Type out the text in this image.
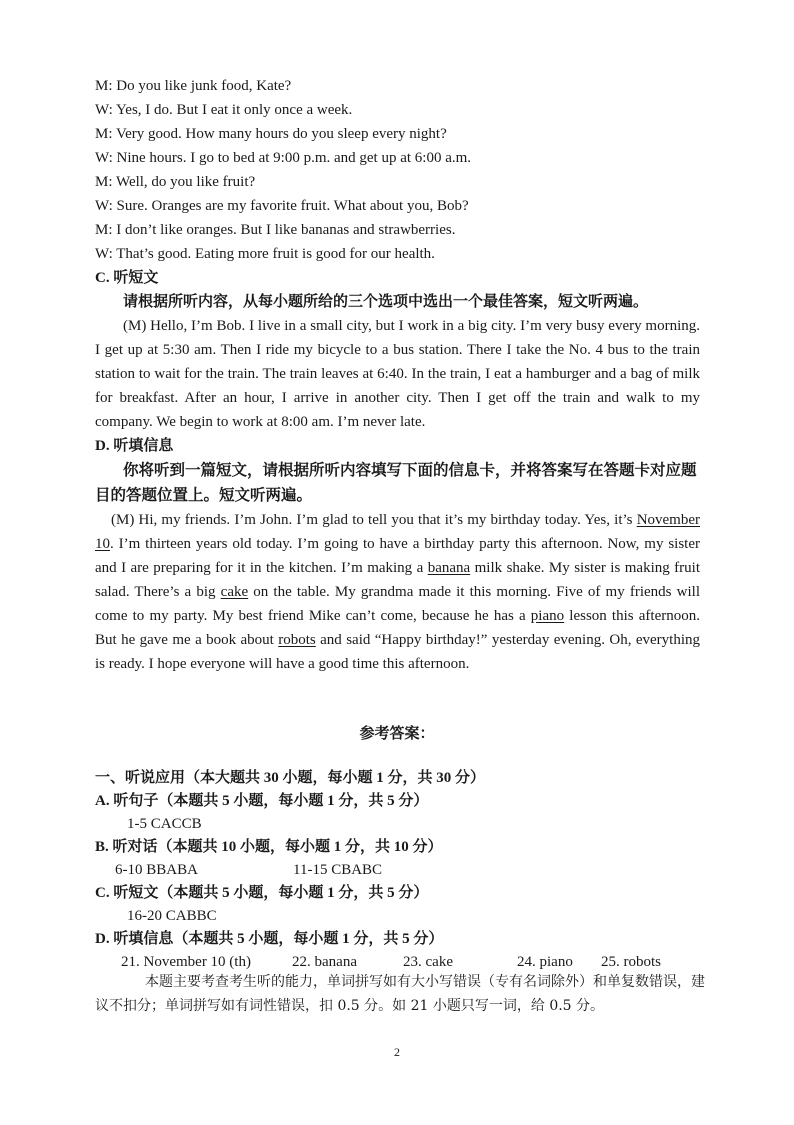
M: Do you like junk food, Kate?
W: Yes, I do. But I eat it only once a week.
M: Very good. How many hours do you sleep every night?
W: Nine hours. I go to bed at 9:00 p.m. and get up at 6:00 a.m.
M: Well, do you like fruit?
W: Sure. Oranges are my favorite fruit. What about you, Bob?
M: I don’t like oranges. But I like bananas and strawberries.
W: That’s good. Eating more fruit is good for our health.
C. 听短文
请根据所听内容，从每小题所给的三个选项中选出一个最佳答案，短文听两遍。
(M) Hello, I’m Bob. I live in a small city, but I work in a big city. I’m very busy every morning. I get up at 5:30 am. Then I ride my bicycle to a bus station. There I take the No. 4 bus to the train station to wait for the train. The train leaves at 6:40. In the train, I eat a hamburger and a bag of milk for breakfast. After an hour, I arrive in another city. Then I get off the train and walk to my company. We begin to work at 8:00 am. I’m never late.
D. 听填信息
你将听到一篇短文，请根据所听内容填写下面的信息卡，并将答案写在答题卡对应题目的答题位置上。短文听两遍。
(M) Hi, my friends. I’m John. I’m glad to tell you that it’s my birthday today. Yes, it’s November 10. I’m thirteen years old today. I’m going to have a birthday party this afternoon. Now, my sister and I are preparing for it in the kitchen. I’m making a banana milk shake. My sister is making fruit salad. There’s a big cake on the table. My grandma made it this morning. Five of my friends will come to my party. My best friend Mike can’t come, because he has a piano lesson this afternoon. But he gave me a book about robots and said “Happy birthday!” yesterday evening. Oh, everything is ready. I hope everyone will have a good time this afternoon.
参考答案：
一、听说应用（本大题共 30 小题，每小题 1 分，共 30 分）
A. 听句子（本题共 5 小题，每小题 1 分，共 5 分）
1-5 CACCB
B. 听对话（本题共 10 小题，每小题 1 分，共 10 分）
6-10 BBABA	11-15 CBABC
C. 听短文（本题共 5 小题，每小题 1 分，共 5 分）
16-20 CABBC
D. 听填信息（本题共 5 小题，每小题 1 分，共 5 分）
21. November 10 (th)	22. banana	23. cake	24. piano 25. robots
本题主要考查考生听的能力，单词拼写如有大小写错误（专有名词除外）和单复数错误，建议不扣分；单词拼写如有词性错误，扣 0.5 分。如 21 小题只写一词，给 0.5 分。
2
